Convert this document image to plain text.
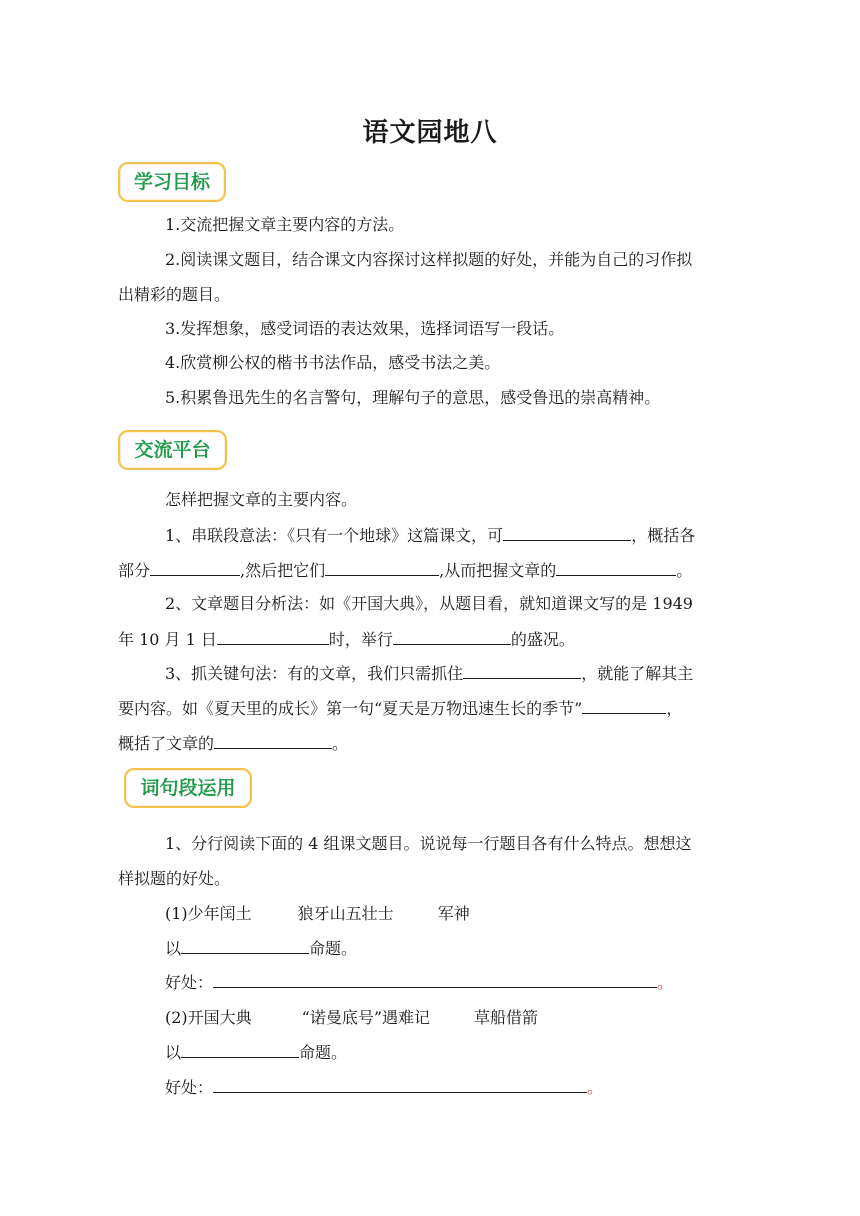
语文园地八
学习目标
1.交流把握文章主要内容的方法。
2.阅读课文题目，结合课文内容探讨这样拟题的好处，并能为自己的习作拟
出精彩的题目。
3.发挥想象，感受词语的表达效果，选择词语写一段话。
4.欣赏柳公权的楷书书法作品，感受书法之美。
5.积累鲁迅先生的名言警句，理解句子的意思，感受鲁迅的崇高精神。
交流平台
怎样把握文章的主要内容。
1、串联段意法：《只有一个地球》这篇课文，可	，概括各
部分	,然后把它们	,从而把握文章的	。
2、文章题目分析法：如《开国大典》，从题目看，就知道课文写的是 1949
年 10 月 1 日	时，举行	的盛况。
3、抓关键句法：有的文章，我们只需抓住	，就能了解其主
要内容。如《夏天里的成长》第一句“夏天是万物迅速生长的季节”	，
概括了文章的	。
词句段运用
1、分行阅读下面的 4 组课文题目。说说每一行题目各有什么特点。想想这
样拟题的好处。
(1)少年闰土	狼牙山五壮士	军神
以	命题。
好处：	。
(2)开国大典	“诺曼底号”遇难记	草船借箭
以	命题。
好处：	。
